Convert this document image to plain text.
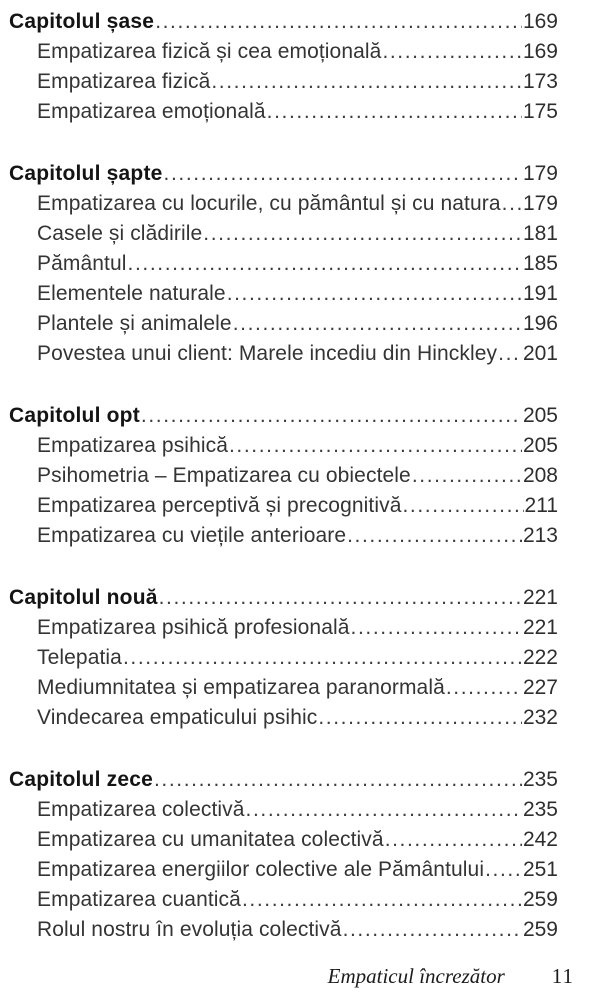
Capitolul șase .....	169
Empatizarea fizică și cea emoțională .....	169
Empatizarea fizică .....	173
Empatizarea emoțională .....	175
Capitolul șapte .....	179
Empatizarea cu locurile, cu pământul și cu natura ..... 179
Casele și clădirile .....	181
Pământul .....	185
Elementele naturale .....	191
Plantele și animalele .....	196
Povestea unui client: Marele incediu din Hinckley ..... 201
Capitolul opt .....	205
Empatizarea psihică .....	205
Psihometria – Empatizarea cu obiectele .....	208
Empatizarea perceptivă și precognitivă .....	211
Empatizarea cu viețile anterioare .....	213
Capitolul nouă .....	221
Empatizarea psihică profesională .....	221
Telepatia .....	222
Mediumnitatea și empatizarea paranormală .....	227
Vindecarea empaticului psihic .....	232
Capitolul zece .....	235
Empatizarea colectivă .....	235
Empatizarea cu umanitatea colectivă .....	242
Empatizarea energiilor colective ale Pământului ..... 251
Empatizarea cuantică .....	259
Rolul nostru în evoluția colectivă .....	259
Empaticul încrezător 11
